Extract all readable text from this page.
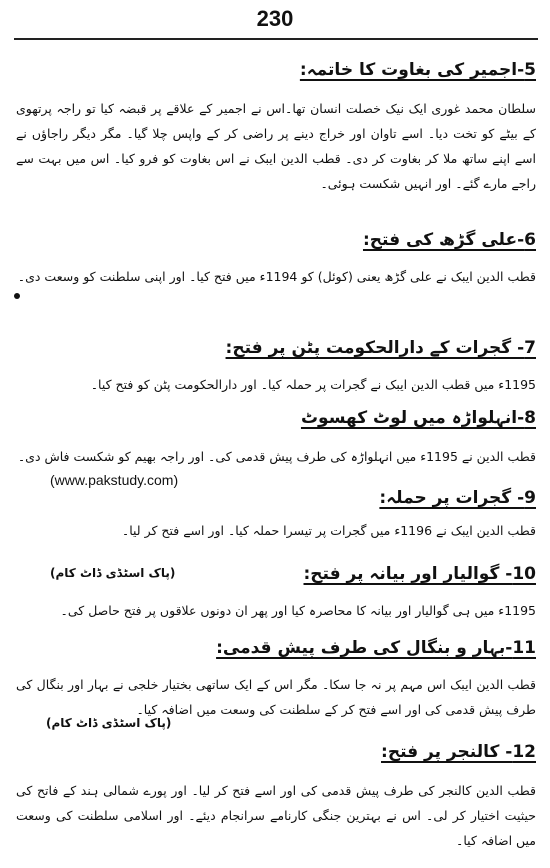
230
5-اجمیر کی بغاوت کا خاتمہ:
سلطان محمد غوری ایک نیک خصلت انسان تھا۔اس نے اجمیر کے علاقے پر قبضہ کیا تو راجہ پرتھوی کے بیٹے کو تخت دیا۔ اسے تاوان اور خراج دینے پر راضی کر کے واپس چلا گیا۔ مگر دیگر راجاؤں نے اسے اپنے ساتھ ملا کر بغاوت کر دی۔ قطب الدین ایبک نے اس بغاوت کو فرو کیا۔ اس میں بہت سے راجے مارے گئے۔ اور انہیں شکست ہوئی۔
6-علی گڑھ کی فتح:
قطب الدین ایبک نے علی گڑھ یعنی (کوئل) کو 1194ء میں فتح کیا۔ اور اپنی سلطنت کو وسعت دی۔
7- گجرات کے دارالحکومت پٹن پر فتح:
1195ء میں قطب الدین ایبک نے گجرات پر حملہ کیا۔ اور دارالحکومت پٹن کو فتح کیا۔
8-انہلواڑہ میں لوٹ کھسوٹ
قطب الدین نے 1195ء میں انہلواڑہ کی طرف پیش قدمی کی۔ اور راجہ بھیم کو شکست فاش دی۔
(www.pakstudy.com)
9- گجرات پر حملہ:
قطب الدین ایبک نے 1196ء میں گجرات پر تیسرا حملہ کیا۔ اور اسے فتح کر لیا۔
(پاک اسٹڈی ڈاٹ کام)	10- گوالیار اور بیانہ پر فتح:
1195ء میں ہی گوالیار اور بیانہ کا محاصرہ کیا اور پھر ان دونوں علاقوں پر فتح حاصل کی۔
11-بہار و بنگال کی طرف پیش قدمی:
قطب الدین ایبک اس مہم پر نہ جا سکا۔ مگر اس کے ایک ساتھی بختیار خلجی نے بہار اور بنگال کی طرف پیش قدمی کی اور اسے فتح کر کے سلطنت کی وسعت میں اضافہ کیا۔
(پاک اسٹڈی ڈاٹ کام)
12- کالنجر پر فتح:
قطب الدین کالنجر کی طرف پیش قدمی کی اور اسے فتح کر لیا۔ اور پورے شمالی ہند کے فاتح کی حیثیت اختیار کر لی۔ اس نے بہترین جنگی کارنامے سرانجام دیئے۔ اور اسلامی سلطنت کی وسعت میں اضافہ کیا۔
